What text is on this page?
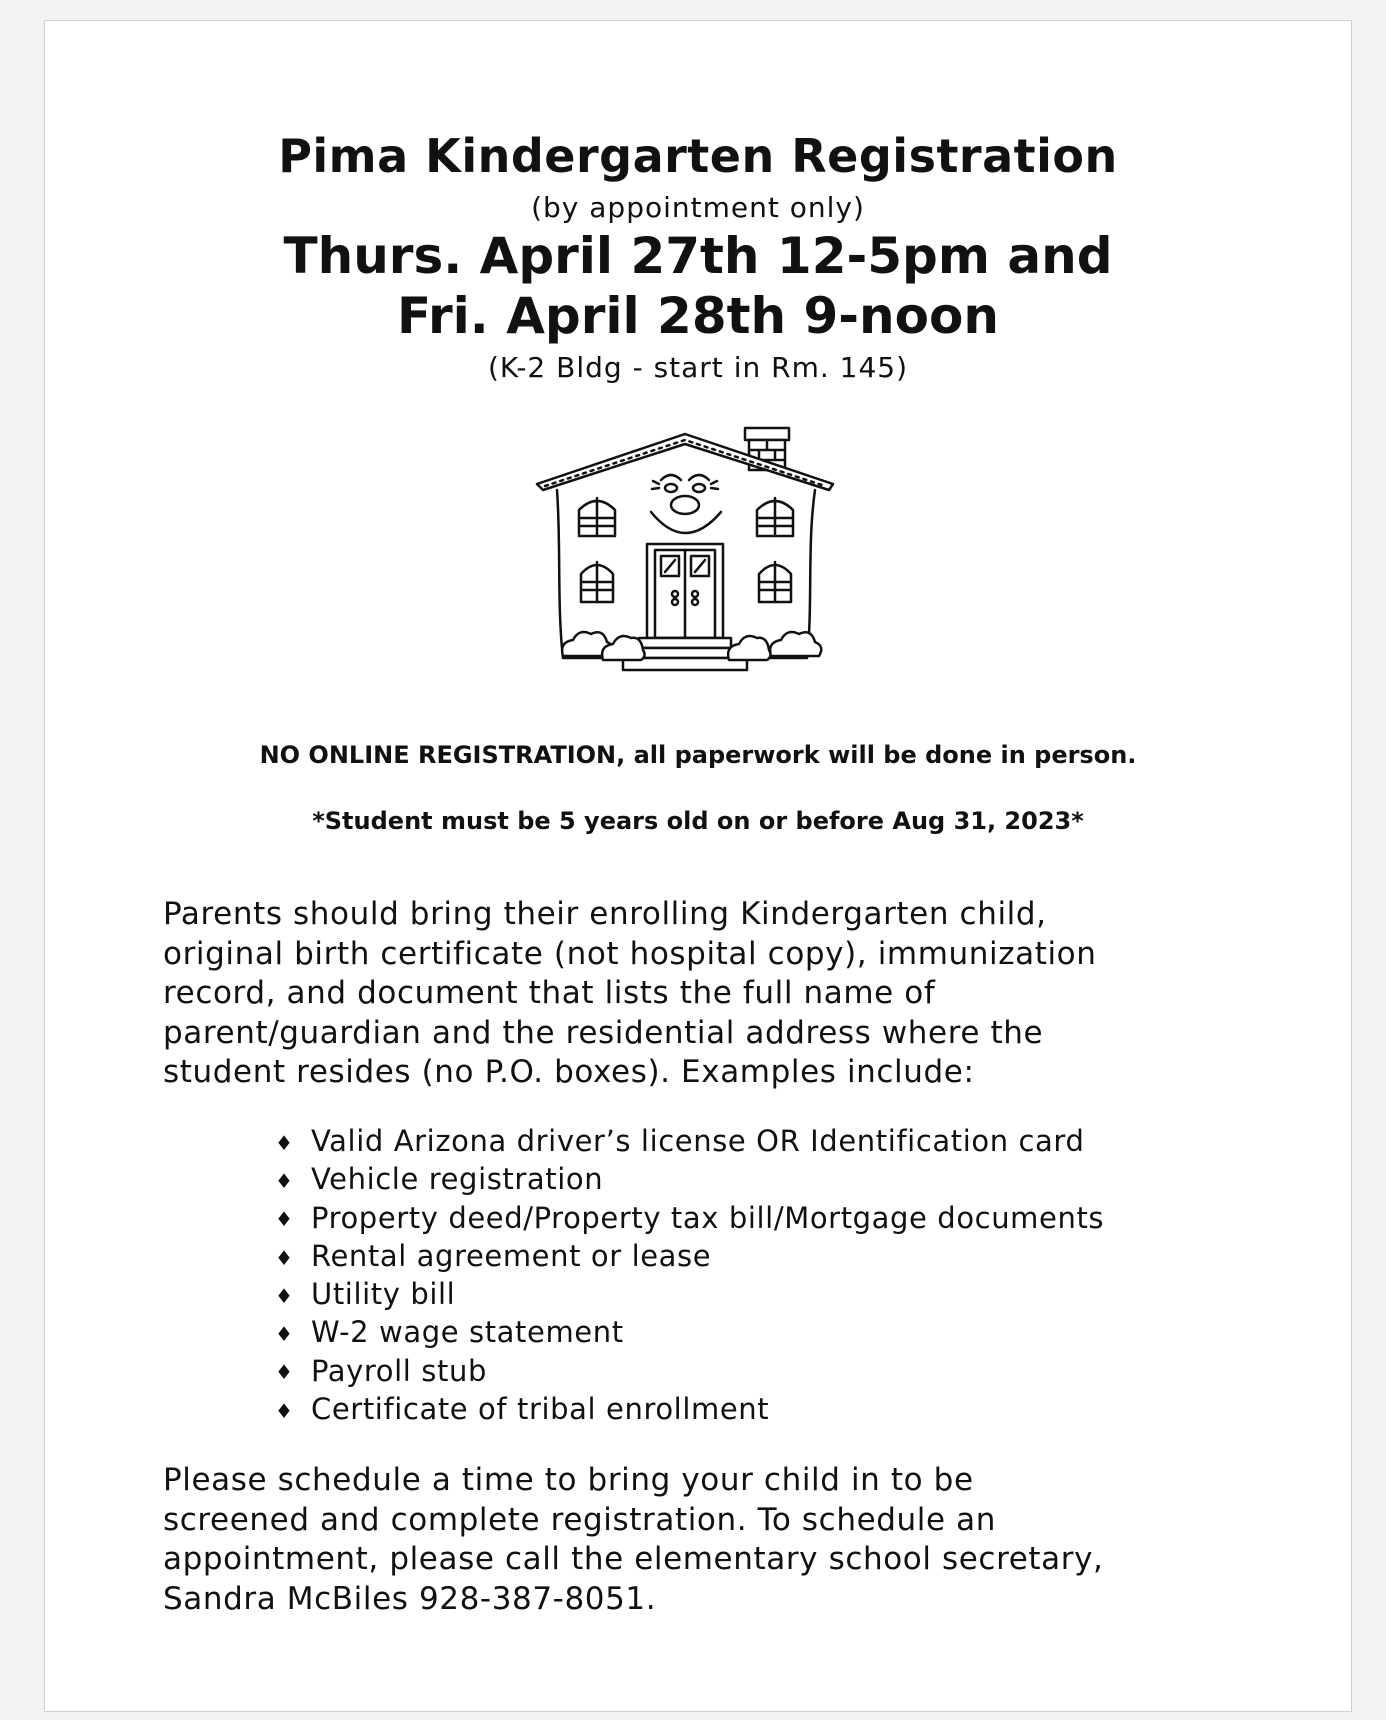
Pima Kindergarten Registration
(by appointment only)
Thurs. April 27th 12-5pm and
Fri. April 28th 9-noon
(K-2 Bldg - start in Rm. 145)
NO ONLINE REGISTRATION, all paperwork will be done in person.
*Student must be 5 years old on or before Aug 31, 2023*
Parents should bring their enrolling Kindergarten child,
original birth certificate (not hospital copy), immunization
record, and document that lists the full name of
parent/guardian and the residential address where the
student resides (no P.O. boxes). Examples include:
♦ Valid Arizona driver’s license OR Identification card
♦ Vehicle registration
♦ Property deed/Property tax bill/Mortgage documents
♦ Rental agreement or lease
♦ Utility bill
♦ W-2 wage statement
♦ Payroll stub
♦ Certificate of tribal enrollment
Please schedule a time to bring your child in to be
screened and complete registration. To schedule an
appointment, please call the elementary school secretary,
Sandra McBiles 928-387-8051.
